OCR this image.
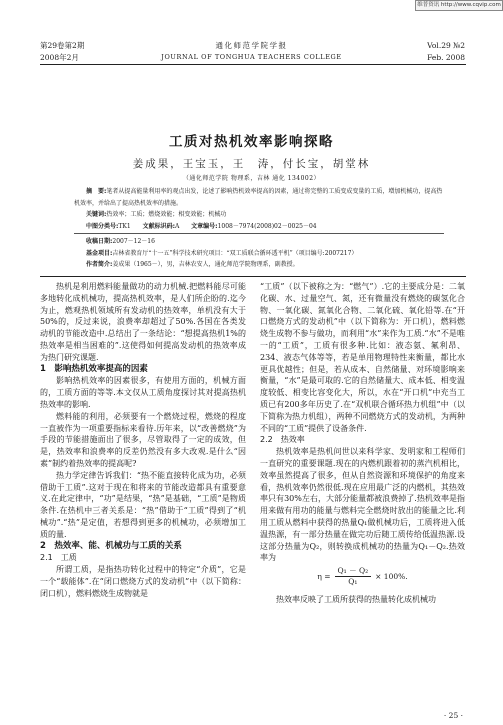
维普资讯 http://www.cqvip.com
第29卷第2期
2008年2月
通化师范学院学报
JOURNAL OF TONGHUA TEACHERS COLLEGE
Vol.29 №2
Feb. 2008
工质对热机效率影响探略
姜成果，王宝玉，王　涛，付长宝，胡堂林
（通化师范学院 物理系，吉林 通化 134002）
摘　要:笔者从提高能量利用率的观点出发，论述了影响热机效率提高的因素，通过将完整的工质变成变量的工质，增加机械功，提高热机效率，并给出了提高热机效率的措施。
关键词:热效率；工质；燃烧效能；相变效能；机械功
中图分类号:TK1 文献标识码:A 文章编号:1008－7974(2008)02－0025－04
收稿日期:2007－12－16
基金项目:吉林省教育厅“十一五”科学技术研究项目：“双工质联合循环透平机”（项目编号:2007217）
作者简介:姜成果（1965－），男，吉林农安人，通化师范学院物理系，副教授。

热机是利用燃料能量做功的动力机械.把燃料能尽可能多地转化成机械功，提高热机效率，是人们所企盼的.迄今为止，燃观热机领域所有发动机的热效率，单机没有大于50%的，反过来说，浪费率却超过了50%.各国在各类发动机的节能改造中.总结出了一条结论：“想提高热机1%的热效率是相当困难的”.这使得如何提高发动机的热效率成为热门研究课题.

1　影响热机效率提高的因素

影响热机效率的因素很多，有使用方面的，机械方面的，工质方面的等等.本文仅从工质角度探讨其对提高热机热效率的影响.

燃料能的利用，必须要有一个燃烧过程，燃烧的程度一直被作为一项重要指标来看待.历年来，以“改善燃烧”为手段的节能措施面出了很多，尽管取得了一定的成效，但是，热效率和浪费率的反差仍然没有多大改观.是什么“因素”制约着热效率的提高呢?

热力学定律告诉我们：“热不能直接转化成为功，必须借助于工质”.这对于现在和将来的节能改造都具有重要意义.在此定律中，“功”是结果，“热”是基础，“工质”是物质条件.在热机中三者关系是：“热”借助于“工质”得到了“机械功”.“热”是定值，若想得到更多的机械功，必须增加工质的量.

2　热效率、能、机械功与工质的关系

2.1　工质

所谓工质，是指热功转化过程中的特定“介质”，它是一个“载能体”.在“闭口燃烧方式的发动机”中（以下简称：闭口机），燃料燃烧生成物就是

“工质”（以下被称之为：“燃气”）.它的主要成分是：二氧化碳、水、过量空气、氮，还有微量没有燃烧的碳氢化合物、一氧化碳、氮氧化合物、二氧化硫、氧化铅等.在“开口燃烧方式的发动机”中（以下简称为：开口机），燃料燃烧生成物不参与做功，而利用“水”来作为工质.“水”不是唯一的“工质”，工质有很多种.比如：液态氨、氟利昂、234、液态气体等等，若是单用物理特性来衡量，都比水更具优越性；但是，若从成本、自然储量、对环境影响来衡量，“水”是最可取的.它的自然储量大、成本低、相变温度较低、相变比容变化大，所以，水在“开口机”中充当工质已有200多年历史了.在“双机联合循环热力机组”中（以下简称为热力机组），两种不同燃烧方式的发动机，为两种不同的“工质”提供了设备条件.

2.2　热效率

热机效率是热机问世以来科学家、发明家和工程师们一直研究的重要课题.现在的内燃机跟着初的蒸汽机相比，效率虽然提高了很多，但从自然资源和环境保护的角度来看，热机效率仍然很低.现在应用最广泛的内燃机，其热效率只有30%左右，大部分能量都被浪费掉了.热机效率是指用来做有用功的能量与燃料完全燃烧时放出的能量之比.利用工质从燃料中获得的热量Q₁做机械功后，工质将进入低温热源，有一部分热量在做完功后随工质传给低温热源.设这部分热量为Q₂，则转换成机械功的热量为Q₁－Q₂.热效率为

$\eta = \frac{\text{Q₁ － Q₂}}{\text{Q₁}} \times 100\%$.

热效率反映了工质所获得的热量转化成机械功

· 25 ·
